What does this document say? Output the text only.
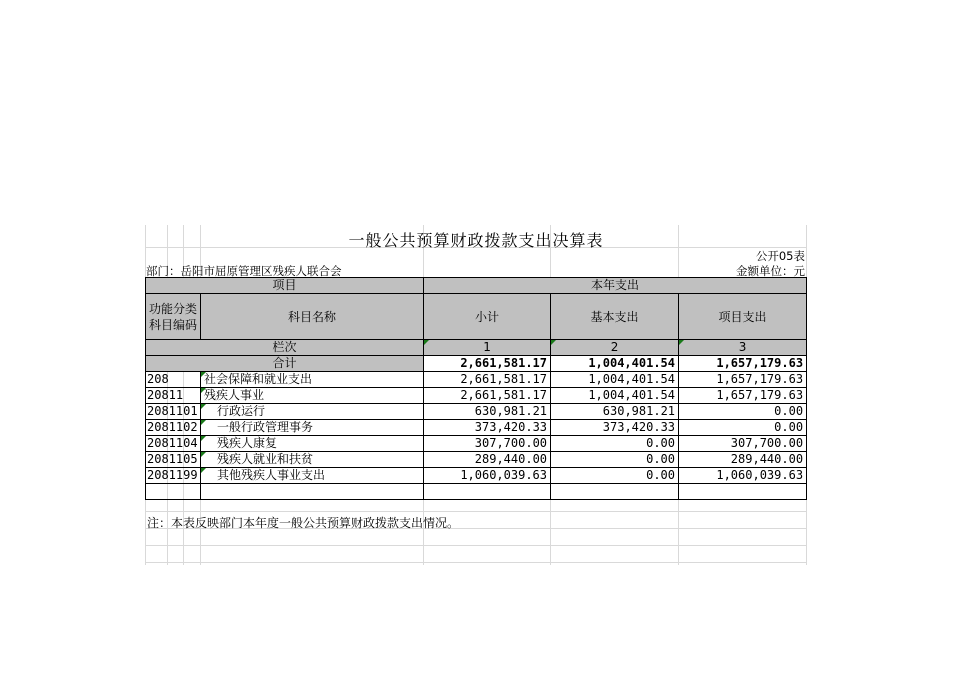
一般公共预算财政拨款支出决算表
公开05表
部门：岳阳市屈原管理区残疾人联合会	金额单位：元
项目		本年支出		
功能分类科目编码	科目名称	小计	基本支出	项目支出
栏次		1	2	3
合计		2,661,581.17	1,004,401.54	1,657,179.63
208	社会保障和就业支出	2,661,581.17	1,004,401.54	1,657,179.63
20811	残疾人事业	2,661,581.17	1,004,401.54	1,657,179.63
2081101	行政运行	630,981.21	630,981.21	0.00
2081102	一般行政管理事务	373,420.33	373,420.33	0.00
2081104	残疾人康复	307,700.00	0.00	307,700.00
2081105	残疾人就业和扶贫	289,440.00	0.00	289,440.00
2081199	其他残疾人事业支出	1,060,039.63	0.00	1,060,039.63

注：本表反映部门本年度一般公共预算财政拨款支出情况。
